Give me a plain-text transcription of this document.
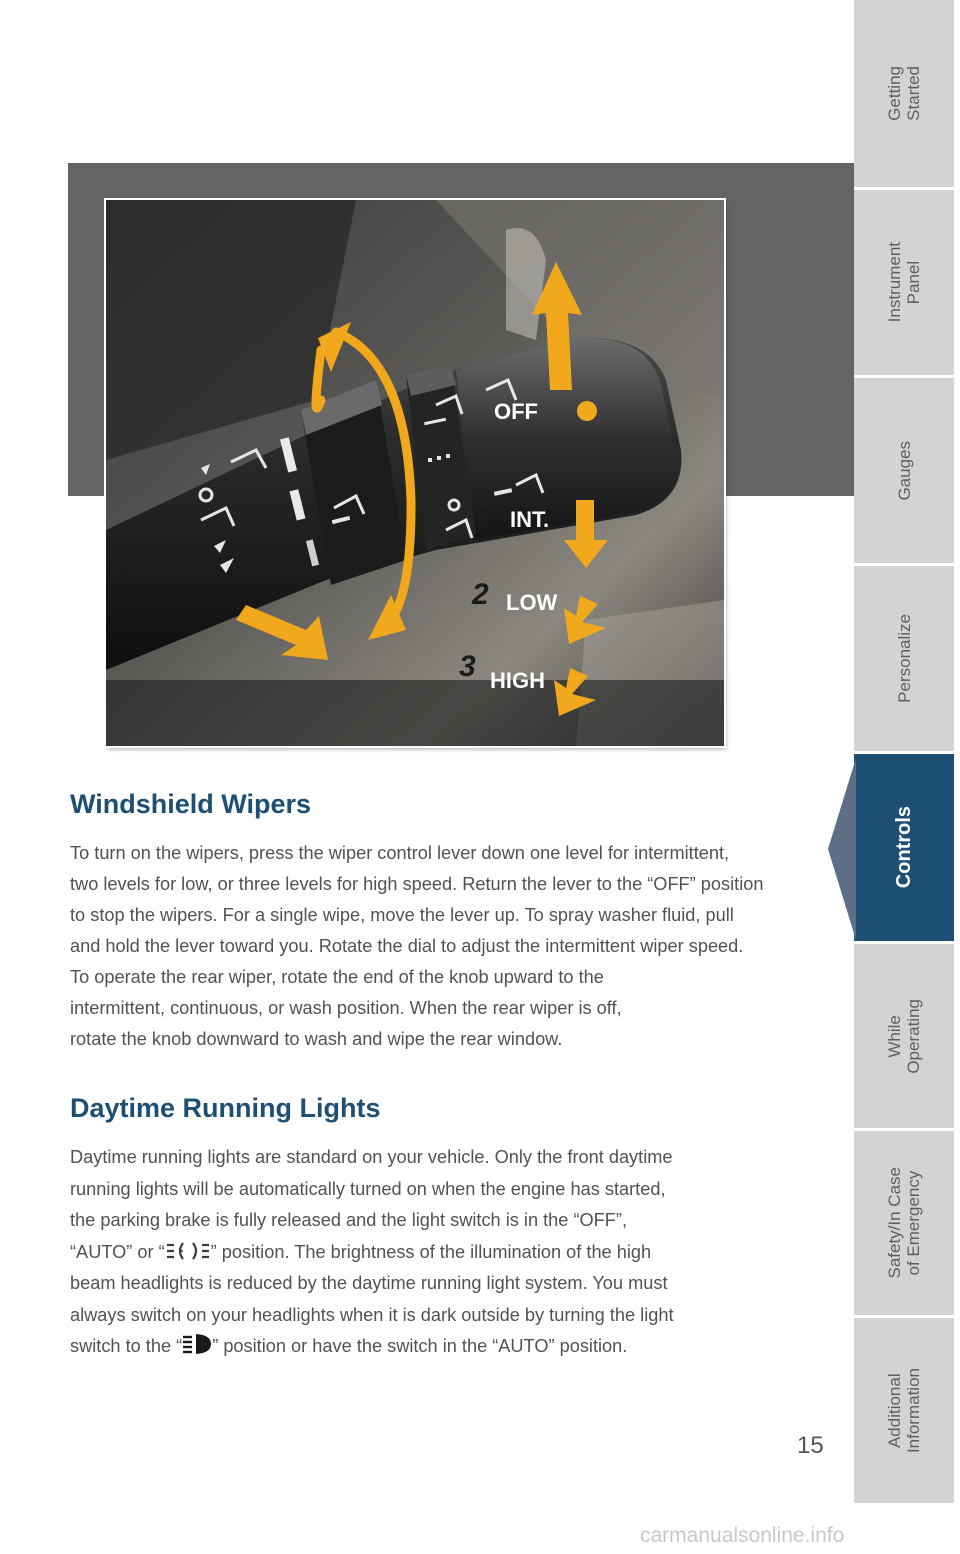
Getting
Started
Instrument
Panel
Gauges
Personalize
Controls
While
Operating
Safety/In Case
of Emergency
Additional
Information
OFF
INT.
LOW
HIGH
1
2
3
Windshield Wipers
To turn on the wipers, press the wiper control lever down one level for intermittent,
two levels for low, or three levels for high speed. Return the lever to the “OFF” position
to stop the wipers. For a single wipe, move the lever up. To spray washer fluid, pull
and hold the lever toward you. Rotate the dial to adjust the intermittent wiper speed.
To operate the rear wiper, rotate the end of the knob upward to the
intermittent, continuous, or wash position. When the rear wiper is off,
rotate the knob downward to wash and wipe the rear window.
Daytime Running Lights
Daytime running lights are standard on your vehicle. Only the front daytime
running lights will be automatically turned on when the engine has started,
the parking brake is fully released and the light switch is in the “OFF”,
“AUTO” or “	” position. The brightness of the illumination of the high
beam headlights is reduced by the daytime running light system. You must
always switch on your headlights when it is dark outside by turning the light
switch to the “ ” position or have the switch in the “AUTO” position.
15
carmanualsonline.info
